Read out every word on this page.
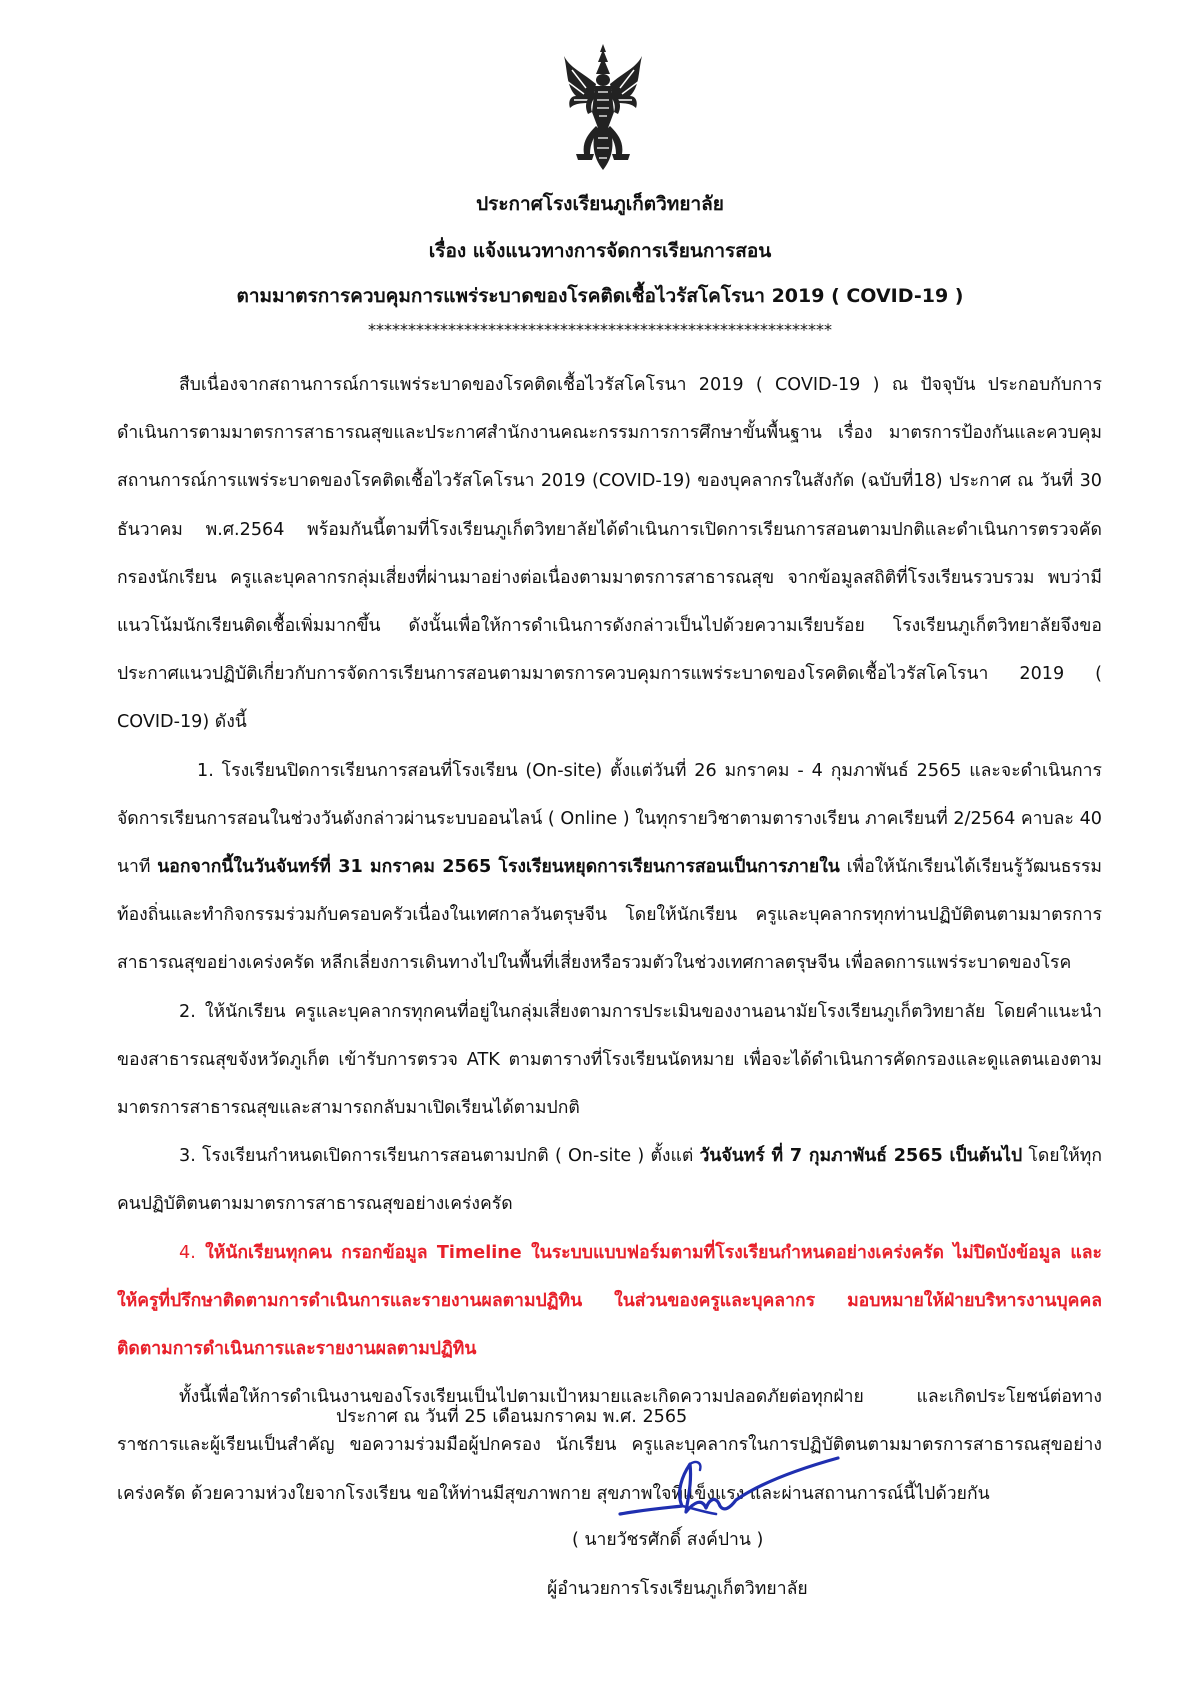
ประกาศโรงเรียนภูเก็ตวิทยาลัย
เรื่อง แจ้งแนวทางการจัดการเรียนการสอน
ตามมาตรการควบคุมการแพร่ระบาดของโรคติดเชื้อไวรัสโคโรนา 2019 ( COVID-19 )
**********************************************************

สืบเนื่องจากสถานการณ์การแพร่ระบาดของโรคติดเชื้อไวรัสโคโรนา 2019 ( COVID-19 ) ณ ปัจจุบัน ประกอบกับการดำเนินการตามมาตรการสาธารณสุขและประกาศสำนักงานคณะกรรมการการศึกษาขั้นพื้นฐาน เรื่อง มาตรการป้องกันและควบคุมสถานการณ์การแพร่ระบาดของโรคติดเชื้อไวรัสโคโรนา 2019 (COVID-19) ของบุคลากรในสังกัด (ฉบับที่18) ประกาศ ณ วันที่ 30 ธันวาคม พ.ศ.2564 พร้อมกันนี้ตามที่โรงเรียนภูเก็ตวิทยาลัยได้ดำเนินการเปิดการเรียนการสอนตามปกติและดำเนินการตรวจคัดกรองนักเรียน ครูและบุคลากรกลุ่มเสี่ยงที่ผ่านมาอย่างต่อเนื่องตามมาตรการสาธารณสุข จากข้อมูลสถิติที่โรงเรียนรวบรวม พบว่ามีแนวโน้มนักเรียนติดเชื้อเพิ่มมากขึ้น ดังนั้นเพื่อให้การดำเนินการดังกล่าวเป็นไปด้วยความเรียบร้อย โรงเรียนภูเก็ตวิทยาลัยจึงขอประกาศแนวปฏิบัติเกี่ยวกับการจัดการเรียนการสอนตามมาตรการควบคุมการแพร่ระบาดของโรคติดเชื้อไวรัสโคโรนา 2019 ( COVID-19) ดังนี้

1. โรงเรียนปิดการเรียนการสอนที่โรงเรียน (On-site) ตั้งแต่วันที่ 26 มกราคม - 4 กุมภาพันธ์ 2565 และจะดำเนินการจัดการเรียนการสอนในช่วงวันดังกล่าวผ่านระบบออนไลน์ ( Online ) ในทุกรายวิชาตามตารางเรียน ภาคเรียนที่ 2/2564 คาบละ 40 นาที นอกจากนี้ในวันจันทร์ที่ 31 มกราคม 2565 โรงเรียนหยุดการเรียนการสอนเป็นการภายใน เพื่อให้นักเรียนได้เรียนรู้วัฒนธรรมท้องถิ่นและทำกิจกรรมร่วมกับครอบครัวเนื่องในเทศกาลวันตรุษจีน โดยให้นักเรียน ครูและบุคลากรทุกท่านปฏิบัติตนตามมาตรการสาธารณสุขอย่างเคร่งครัด หลีกเลี่ยงการเดินทางไปในพื้นที่เสี่ยงหรือรวมตัวในช่วงเทศกาลตรุษจีน เพื่อลดการแพร่ระบาดของโรค

2. ให้นักเรียน ครูและบุคลากรทุกคนที่อยู่ในกลุ่มเสี่ยงตามการประเมินของงานอนามัยโรงเรียนภูเก็ตวิทยาลัย โดยคำแนะนำของสาธารณสุขจังหวัดภูเก็ต เข้ารับการตรวจ ATK ตามตารางที่โรงเรียนนัดหมาย เพื่อจะได้ดำเนินการคัดกรองและดูแลตนเองตามมาตรการสาธารณสุขและสามารถกลับมาเปิดเรียนได้ตามปกติ

3. โรงเรียนกำหนดเปิดการเรียนการสอนตามปกติ ( On-site ) ตั้งแต่ วันจันทร์ ที่ 7 กุมภาพันธ์ 2565 เป็นต้นไป โดยให้ทุกคนปฏิบัติตนตามมาตรการสาธารณสุขอย่างเคร่งครัด

4. ให้นักเรียนทุกคน กรอกข้อมูล Timeline ในระบบแบบฟอร์มตามที่โรงเรียนกำหนดอย่างเคร่งครัด ไม่ปิดบังข้อมูล และให้ครูที่ปรึกษาติดตามการดำเนินการและรายงานผลตามปฏิทิน ในส่วนของครูและบุคลากร มอบหมายให้ฝ่ายบริหารงานบุคคลติดตามการดำเนินการและรายงานผลตามปฏิทิน

ทั้งนี้เพื่อให้การดำเนินงานของโรงเรียนเป็นไปตามเป้าหมายและเกิดความปลอดภัยต่อทุกฝ่าย และเกิดประโยชน์ต่อทางราชการและผู้เรียนเป็นสำคัญ ขอความร่วมมือผู้ปกครอง นักเรียน ครูและบุคลากรในการปฏิบัติตนตามมาตรการสาธารณสุขอย่างเคร่งครัด ด้วยความห่วงใยจากโรงเรียน ขอให้ท่านมีสุขภาพกาย สุขภาพใจที่แข็งแรง และผ่านสถานการณ์นี้ไปด้วยกัน

ประกาศ ณ วันที่ 25 เดือนมกราคม พ.ศ. 2565
( นายวัชรศักดิ์ สงค์ปาน )
ผู้อำนวยการโรงเรียนภูเก็ตวิทยาลัย
